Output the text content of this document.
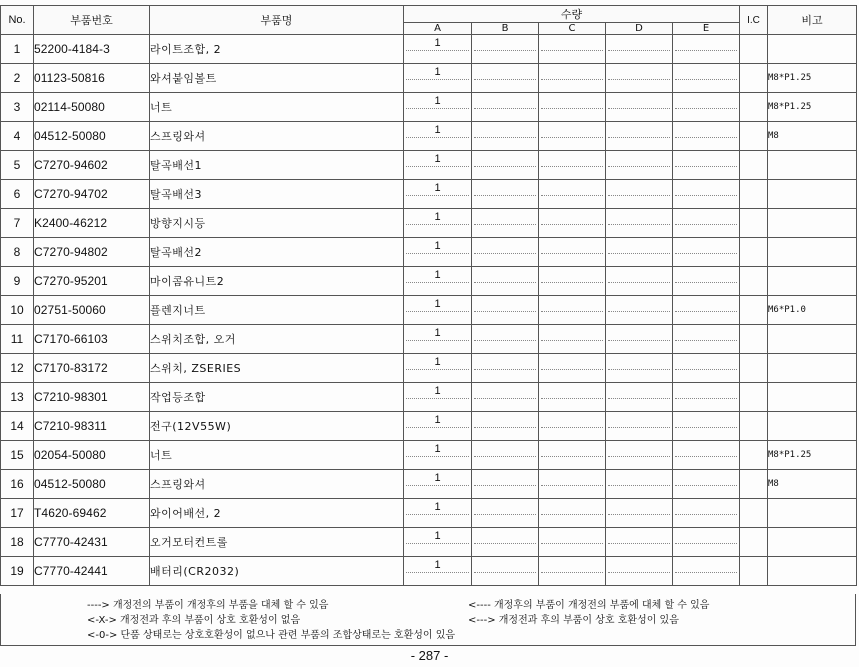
No.	부품번호	부품명	수량					I.C	비고
			A	B	C	D	E		
1	52200-4184-3	라이트조합, 2	1						

2	01123-50816	와셔붙임볼트	1						M8*P1.25
3	02114-50080	너트	1						M8*P1.25
4	04512-50080	스프링와셔	1						M8
5	C7270-94602	탈곡배선1	1						

6	C7270-94702	탈곡배선3	1						

7	K2400-46212	방향지시등	1						

8	C7270-94802	탈곡배선2	1						

9	C7270-95201	마이콤유니트2	1						

10	02751-50060	플렌지너트	1						M6*P1.0
11	C7170-66103	스위치조합, 오거	1						

12	C7170-83172	스위치, ZSERIES	1						

13	C7210-98301	작업등조합	1						

14	C7210-98311	전구(12V55W)	1						

15	02054-50080	너트	1						M8*P1.25
16	04512-50080	스프링와셔	1						M8
17	T4620-69462	와이어배선, 2	1						

18	C7770-42431	오거모터컨트롤	1						

19	C7770-42441	배터리(CR2032)	1						

----> 개정전의 부품이 개정후의 부품을 대체 할 수 있음	<---- 개정후의 부품이 개정전의 부품에 대체 할 수 있음
<-X-> 개정전과 후의 부품이 상호 호환성이 없음	<---> 개정전과 후의 부품이 상호 호환성이 있음
<-0-> 단품 상태로는 상호호환성이 없으나 관련 부품의 조합상태로는 호환성이 있음
- 287 -
